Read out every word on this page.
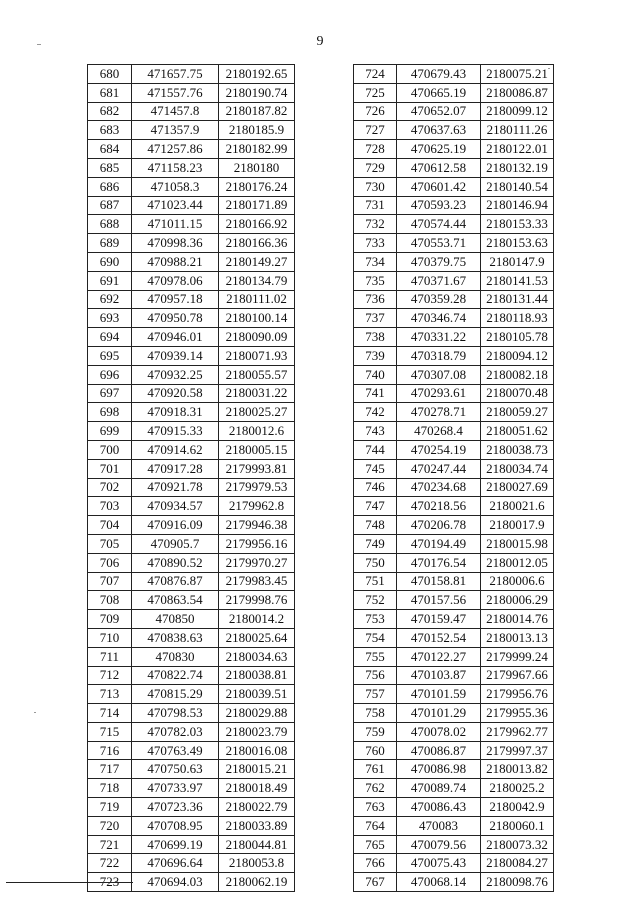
9
680	471657.75	2180192.65
681	471557.76	2180190.74
682	471457.8	2180187.82
683	471357.9	2180185.9
684	471257.86	2180182.99
685	471158.23	2180180
686	471058.3	2180176.24
687	471023.44	2180171.89
688	471011.15	2180166.92
689	470998.36	2180166.36
690	470988.21	2180149.27
691	470978.06	2180134.79
692	470957.18	2180111.02
693	470950.78	2180100.14
694	470946.01	2180090.09
695	470939.14	2180071.93
696	470932.25	2180055.57
697	470920.58	2180031.22
698	470918.31	2180025.27
699	470915.33	2180012.6
700	470914.62	2180005.15
701	470917.28	2179993.81
702	470921.78	2179979.53
703	470934.57	2179962.8
704	470916.09	2179946.38
705	470905.7	2179956.16
706	470890.52	2179970.27
707	470876.87	2179983.45
708	470863.54	2179998.76
709	470850	2180014.2
710	470838.63	2180025.64
711	470830	2180034.63
712	470822.74	2180038.81
713	470815.29	2180039.51
714	470798.53	2180029.88
715	470782.03	2180023.79
716	470763.49	2180016.08
717	470750.63	2180015.21
718	470733.97	2180018.49
719	470723.36	2180022.79
720	470708.95	2180033.89
721	470699.19	2180044.81
722	470696.64	2180053.8
723	470694.03	2180062.19
724	470679.43	2180075.21
725	470665.19	2180086.87
726	470652.07	2180099.12
727	470637.63	2180111.26
728	470625.19	2180122.01
729	470612.58	2180132.19
730	470601.42	2180140.54
731	470593.23	2180146.94
732	470574.44	2180153.33
733	470553.71	2180153.63
734	470379.75	2180147.9
735	470371.67	2180141.53
736	470359.28	2180131.44
737	470346.74	2180118.93
738	470331.22	2180105.78
739	470318.79	2180094.12
740	470307.08	2180082.18
741	470293.61	2180070.48
742	470278.71	2180059.27
743	470268.4	2180051.62
744	470254.19	2180038.73
745	470247.44	2180034.74
746	470234.68	2180027.69
747	470218.56	2180021.6
748	470206.78	2180017.9
749	470194.49	2180015.98
750	470176.54	2180012.05
751	470158.81	2180006.6
752	470157.56	2180006.29
753	470159.47	2180014.76
754	470152.54	2180013.13
755	470122.27	2179999.24
756	470103.87	2179967.66
757	470101.59	2179956.76
758	470101.29	2179955.36
759	470078.02	2179962.77
760	470086.87	2179997.37
761	470086.98	2180013.82
762	470089.74	2180025.2
763	470086.43	2180042.9
764	470083	2180060.1
765	470079.56	2180073.32
766	470075.43	2180084.27
767	470068.14	2180098.76
